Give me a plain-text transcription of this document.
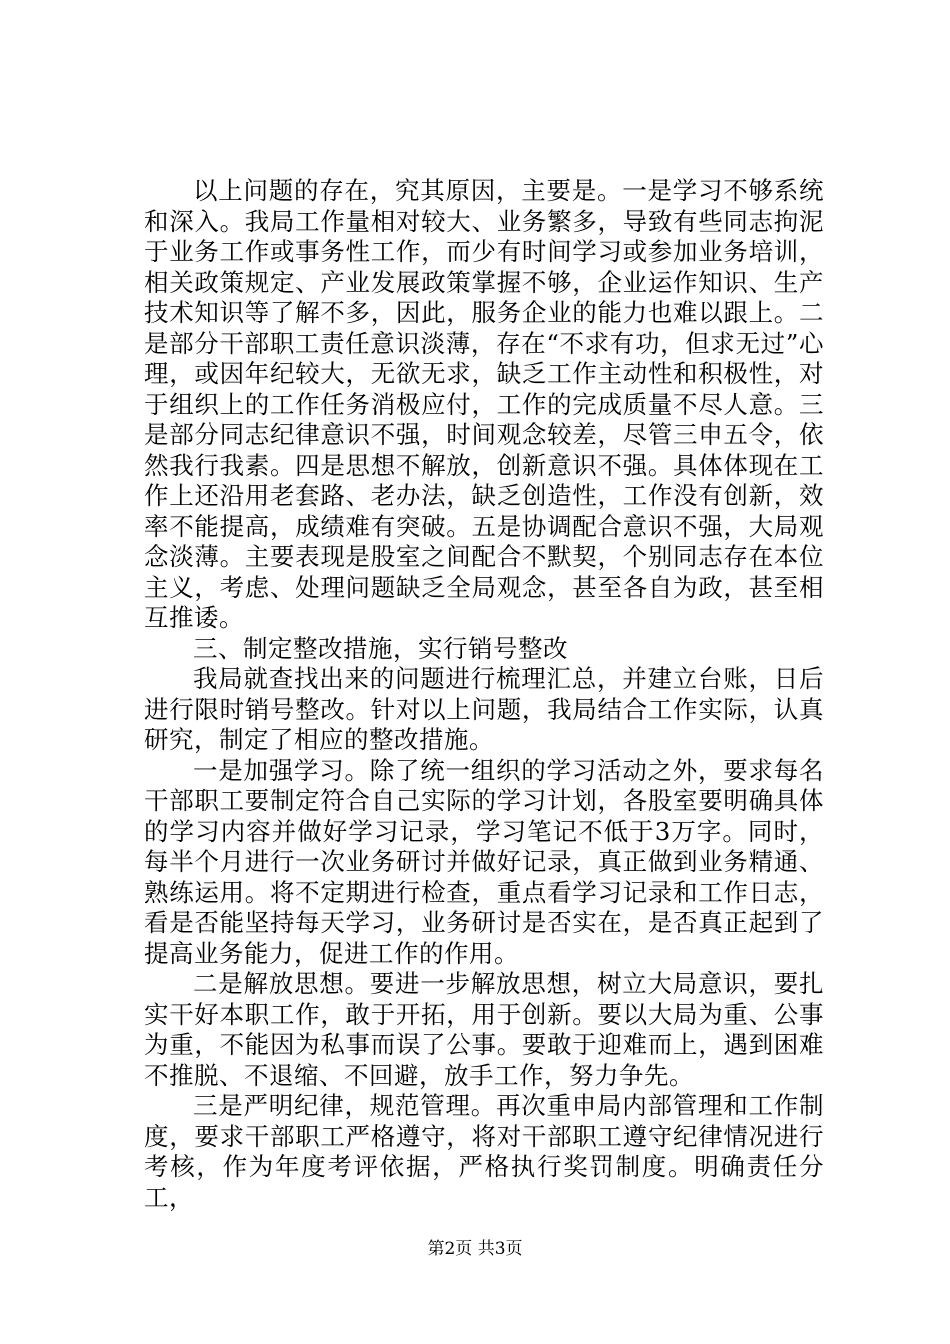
以上问题的存在，究其原因，主要是。一是学习不够系统和深入。我局工作量相对较大、业务繁多，导致有些同志拘泥于业务工作或事务性工作，而少有时间学习或参加业务培训，相关政策规定、产业发展政策掌握不够，企业运作知识、生产技术知识等了解不多，因此，服务企业的能力也难以跟上。二是部分干部职工责任意识淡薄，存在“不求有功，但求无过”心理，或因年纪较大，无欲无求，缺乏工作主动性和积极性，对于组织上的工作任务消极应付，工作的完成质量不尽人意。三是部分同志纪律意识不强，时间观念较差，尽管三申五令，依然我行我素。四是思想不解放，创新意识不强。具体体现在工作上还沿用老套路、老办法，缺乏创造性，工作没有创新，效率不能提高，成绩难有突破。五是协调配合意识不强，大局观念淡薄。主要表现是股室之间配合不默契，个别同志存在本位主义，考虑、处理问题缺乏全局观念，甚至各自为政，甚至相互推诿。

三、制定整改措施，实行销号整改

我局就查找出来的问题进行梳理汇总，并建立台账，日后进行限时销号整改。针对以上问题，我局结合工作实际，认真研究，制定了相应的整改措施。

一是加强学习。除了统一组织的学习活动之外，要求每名干部职工要制定符合自己实际的学习计划，各股室要明确具体的学习内容并做好学习记录，学习笔记不低于3万字。同时，每半个月进行一次业务研讨并做好记录，真正做到业务精通、熟练运用。将不定期进行检查，重点看学习记录和工作日志，看是否能坚持每天学习，业务研讨是否实在，是否真正起到了提高业务能力，促进工作的作用。

二是解放思想。要进一步解放思想，树立大局意识，要扎实干好本职工作，敢于开拓，用于创新。要以大局为重、公事为重，不能因为私事而误了公事。要敢于迎难而上，遇到困难不推脱、不退缩、不回避，放手工作，努力争先。

三是严明纪律，规范管理。再次重申局内部管理和工作制度，要求干部职工严格遵守，将对干部职工遵守纪律情况进行考核，作为年度考评依据，严格执行奖罚制度。明确责任分工，

第2页 共3页
